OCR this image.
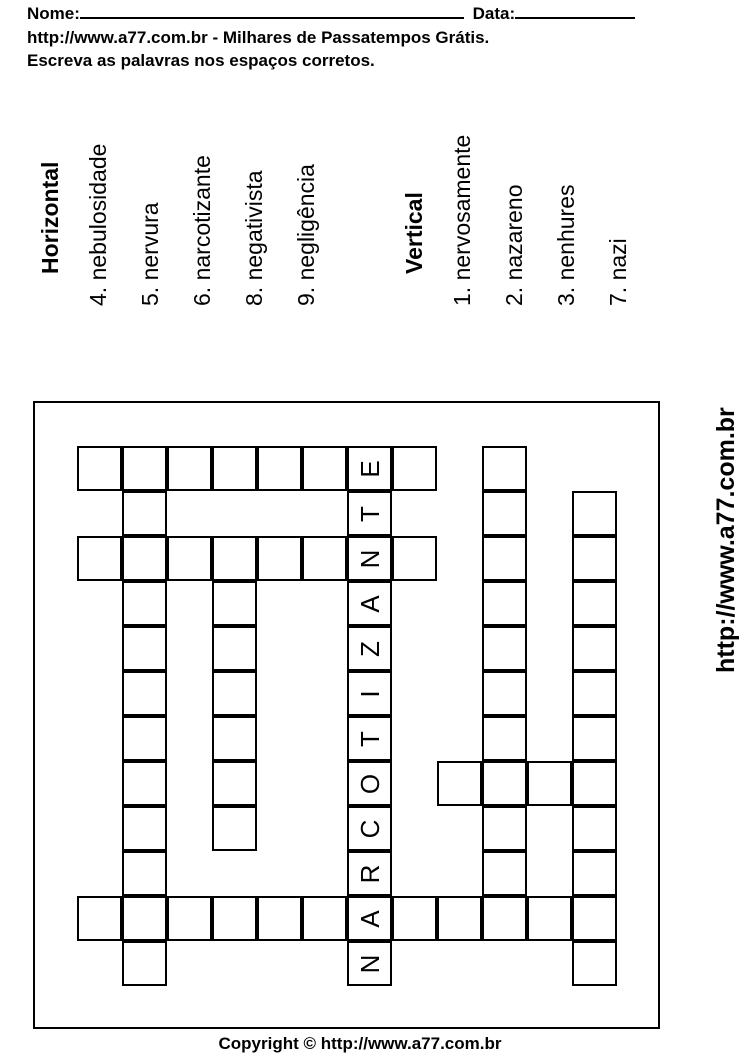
Nome:	Data:
http://www.a77.com.br - Milhares de Passatempos Grátis.
Escreva as palavras nos espaços corretos.
Horizontal 4. nebulosidade 5. nervura 6. narcotizante 8. negativista 9. negligência	Vertical 1. nervosamente 2. nazareno 3. nenhures 7. nazi
E
N
A
T
A
Z
I
T
O
C
R
N
http://www.a77.com.br
Copyright © http://www.a77.com.br
